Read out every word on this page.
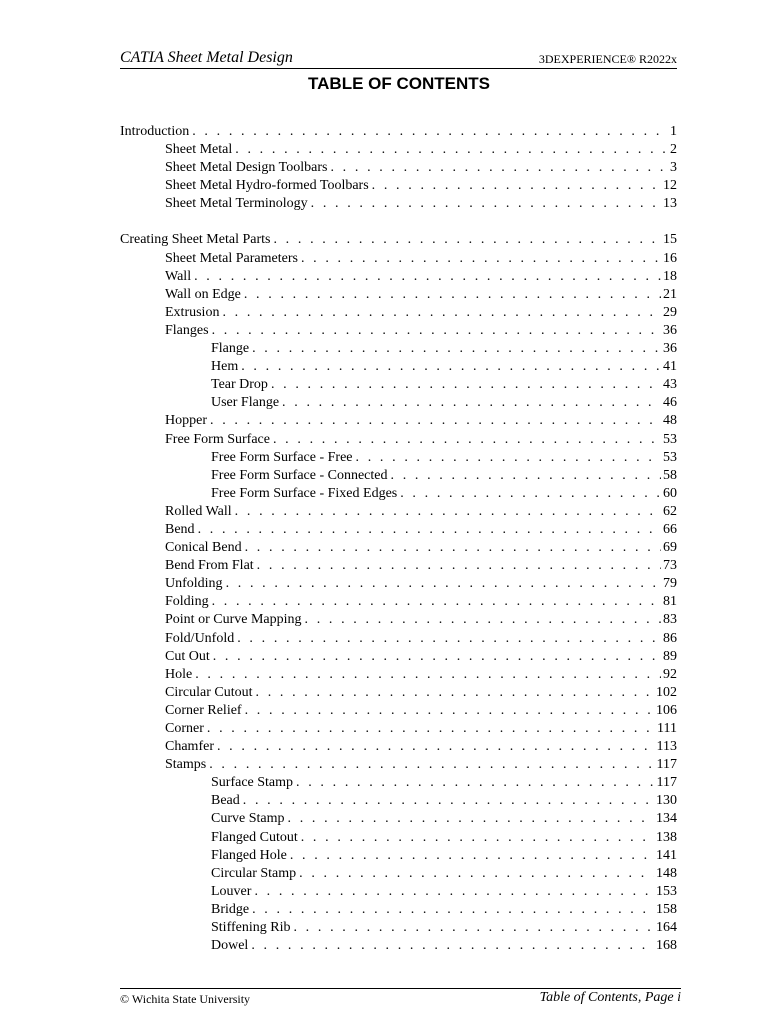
CATIA Sheet Metal Design	3DEXPERIENCE® R2022x
TABLE OF CONTENTS
Introduction . . .	1
Sheet Metal . . .	2
Sheet Metal Design Toolbars . . .	3
Sheet Metal Hydro-formed Toolbars . . .	12
Sheet Metal Terminology . . .	13
Creating Sheet Metal Parts . . .	15
Sheet Metal Parameters . . .	16
Wall . . .	18
Wall on Edge . . .	21
Extrusion . . .	29
Flanges . . .	36
Flange . . .	36
Hem . . .	41
Tear Drop . . .	43
User Flange . . .	46
Hopper . . .	48
Free Form Surface . . .	53
Free Form Surface - Free . . .	53
Free Form Surface - Connected . . .	58
Free Form Surface - Fixed Edges . . .	60
Rolled Wall . . .	62
Bend . . .	66
Conical Bend . . .	69
Bend From Flat . . .	73
Unfolding . . .	79
Folding . . .	81
Point or Curve Mapping . . .	83
Fold/Unfold . . .	86
Cut Out . . .	89
Hole . . .	92
Circular Cutout . . .	102
Corner Relief . . .	106
Corner . . .	111
Chamfer . . .	113
Stamps . . .	117
Surface Stamp . . .	117
Bead . . .	130
Curve Stamp . . .	134
Flanged Cutout . . .	138
Flanged Hole . . .	141
Circular Stamp . . .	148
Louver . . .	153
Bridge . . .	158
Stiffening Rib . . .	164
Dowel . . .	168
© Wichita State University	Table of Contents, Page i
